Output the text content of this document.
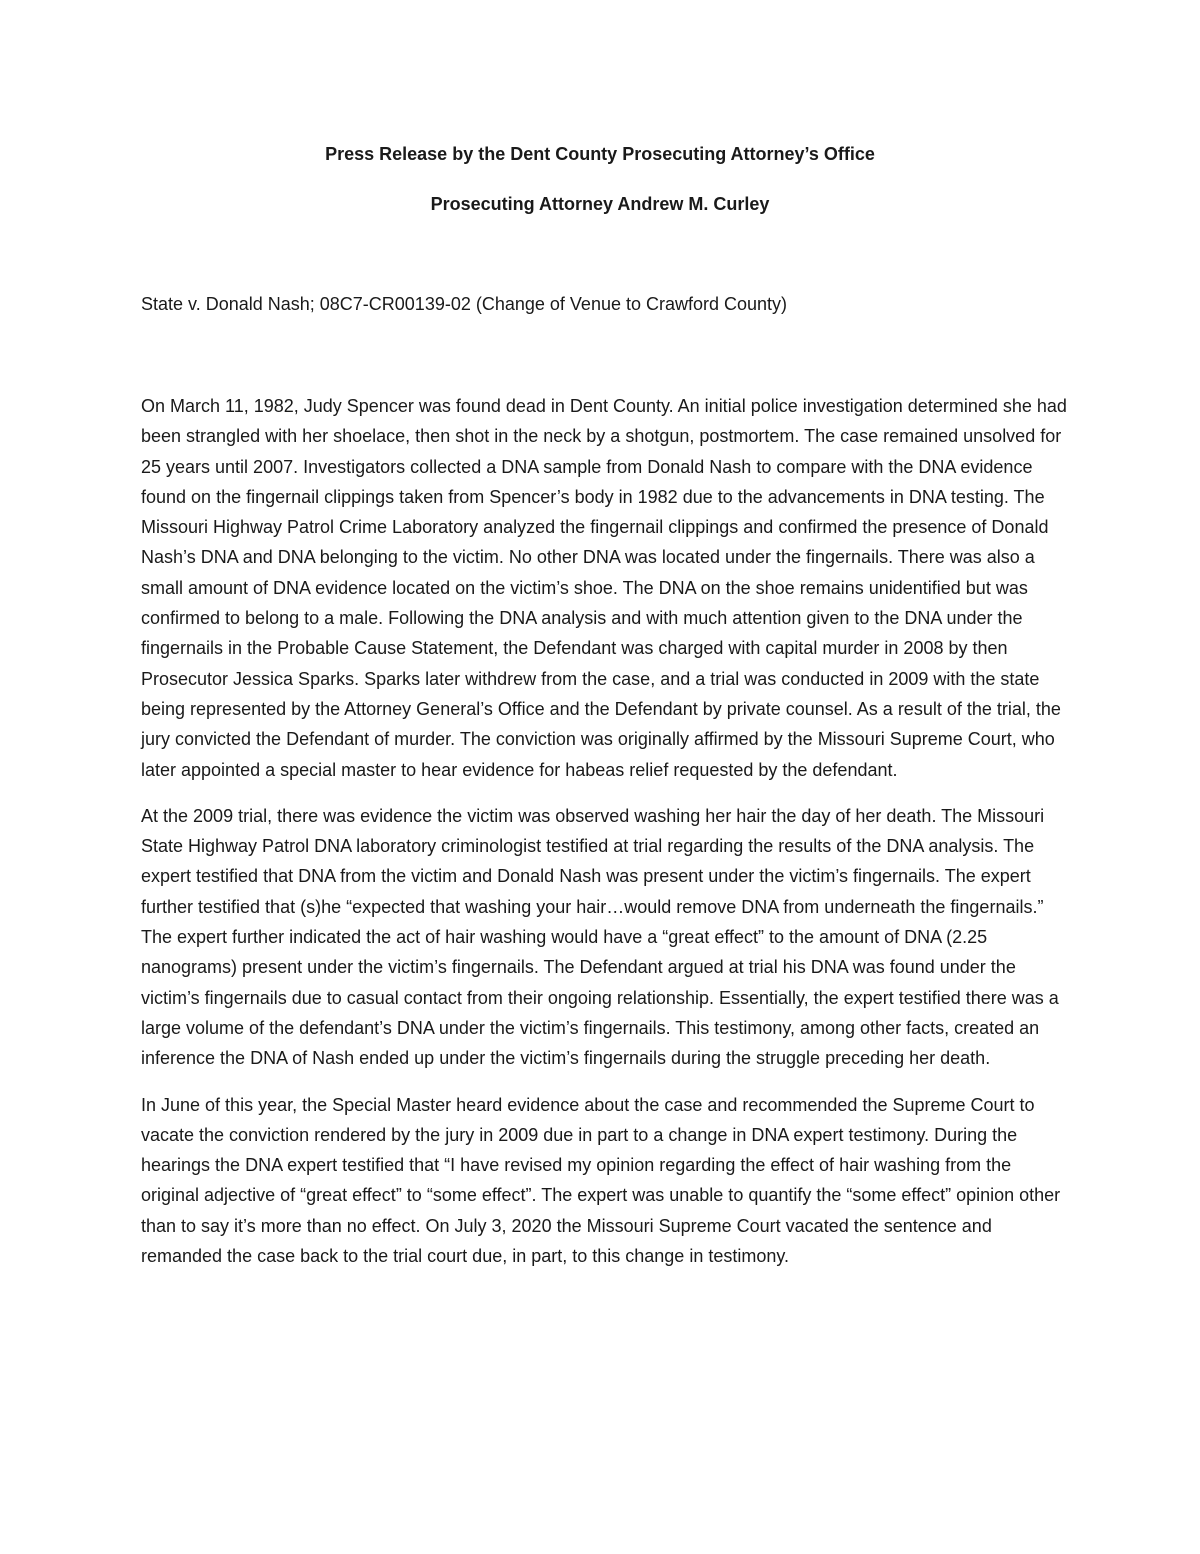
Press Release by the Dent County Prosecuting Attorney’s Office
Prosecuting Attorney Andrew M. Curley

State v. Donald Nash; 08C7-CR00139-02 (Change of Venue to Crawford County)

On March 11, 1982, Judy Spencer was found dead in Dent County. An initial police investigation determined she had been strangled with her shoelace, then shot in the neck by a shotgun, postmortem. The case remained unsolved for 25 years until 2007. Investigators collected a DNA sample from Donald Nash to compare with the DNA evidence found on the fingernail clippings taken from Spencer’s body in 1982 due to the advancements in DNA testing. The Missouri Highway Patrol Crime Laboratory analyzed the fingernail clippings and confirmed the presence of Donald Nash’s DNA and DNA belonging to the victim. No other DNA was located under the fingernails. There was also a small amount of DNA evidence located on the victim’s shoe. The DNA on the shoe remains unidentified but was confirmed to belong to a male. Following the DNA analysis and with much attention given to the DNA under the fingernails in the Probable Cause Statement, the Defendant was charged with capital murder in 2008 by then Prosecutor Jessica Sparks. Sparks later withdrew from the case, and a trial was conducted in 2009 with the state being represented by the Attorney General’s Office and the Defendant by private counsel. As a result of the trial, the jury convicted the Defendant of murder. The conviction was originally affirmed by the Missouri Supreme Court, who later appointed a special master to hear evidence for habeas relief requested by the defendant.

At the 2009 trial, there was evidence the victim was observed washing her hair the day of her death. The Missouri State Highway Patrol DNA laboratory criminologist testified at trial regarding the results of the DNA analysis. The expert testified that DNA from the victim and Donald Nash was present under the victim’s fingernails. The expert further testified that (s)he “expected that washing your hair…would remove DNA from underneath the fingernails.” The expert further indicated the act of hair washing would have a “great effect” to the amount of DNA (2.25 nanograms) present under the victim’s fingernails. The Defendant argued at trial his DNA was found under the victim’s fingernails due to casual contact from their ongoing relationship. Essentially, the expert testified there was a large volume of the defendant’s DNA under the victim’s fingernails. This testimony, among other facts, created an inference the DNA of Nash ended up under the victim’s fingernails during the struggle preceding her death.

In June of this year, the Special Master heard evidence about the case and recommended the Supreme Court to vacate the conviction rendered by the jury in 2009 due in part to a change in DNA expert testimony. During the hearings the DNA expert testified that “I have revised my opinion regarding the effect of hair washing from the original adjective of “great effect” to “some effect”. The expert was unable to quantify the “some effect” opinion other than to say it’s more than no effect. On July 3, 2020 the Missouri Supreme Court vacated the sentence and remanded the case back to the trial court due, in part, to this change in testimony.
